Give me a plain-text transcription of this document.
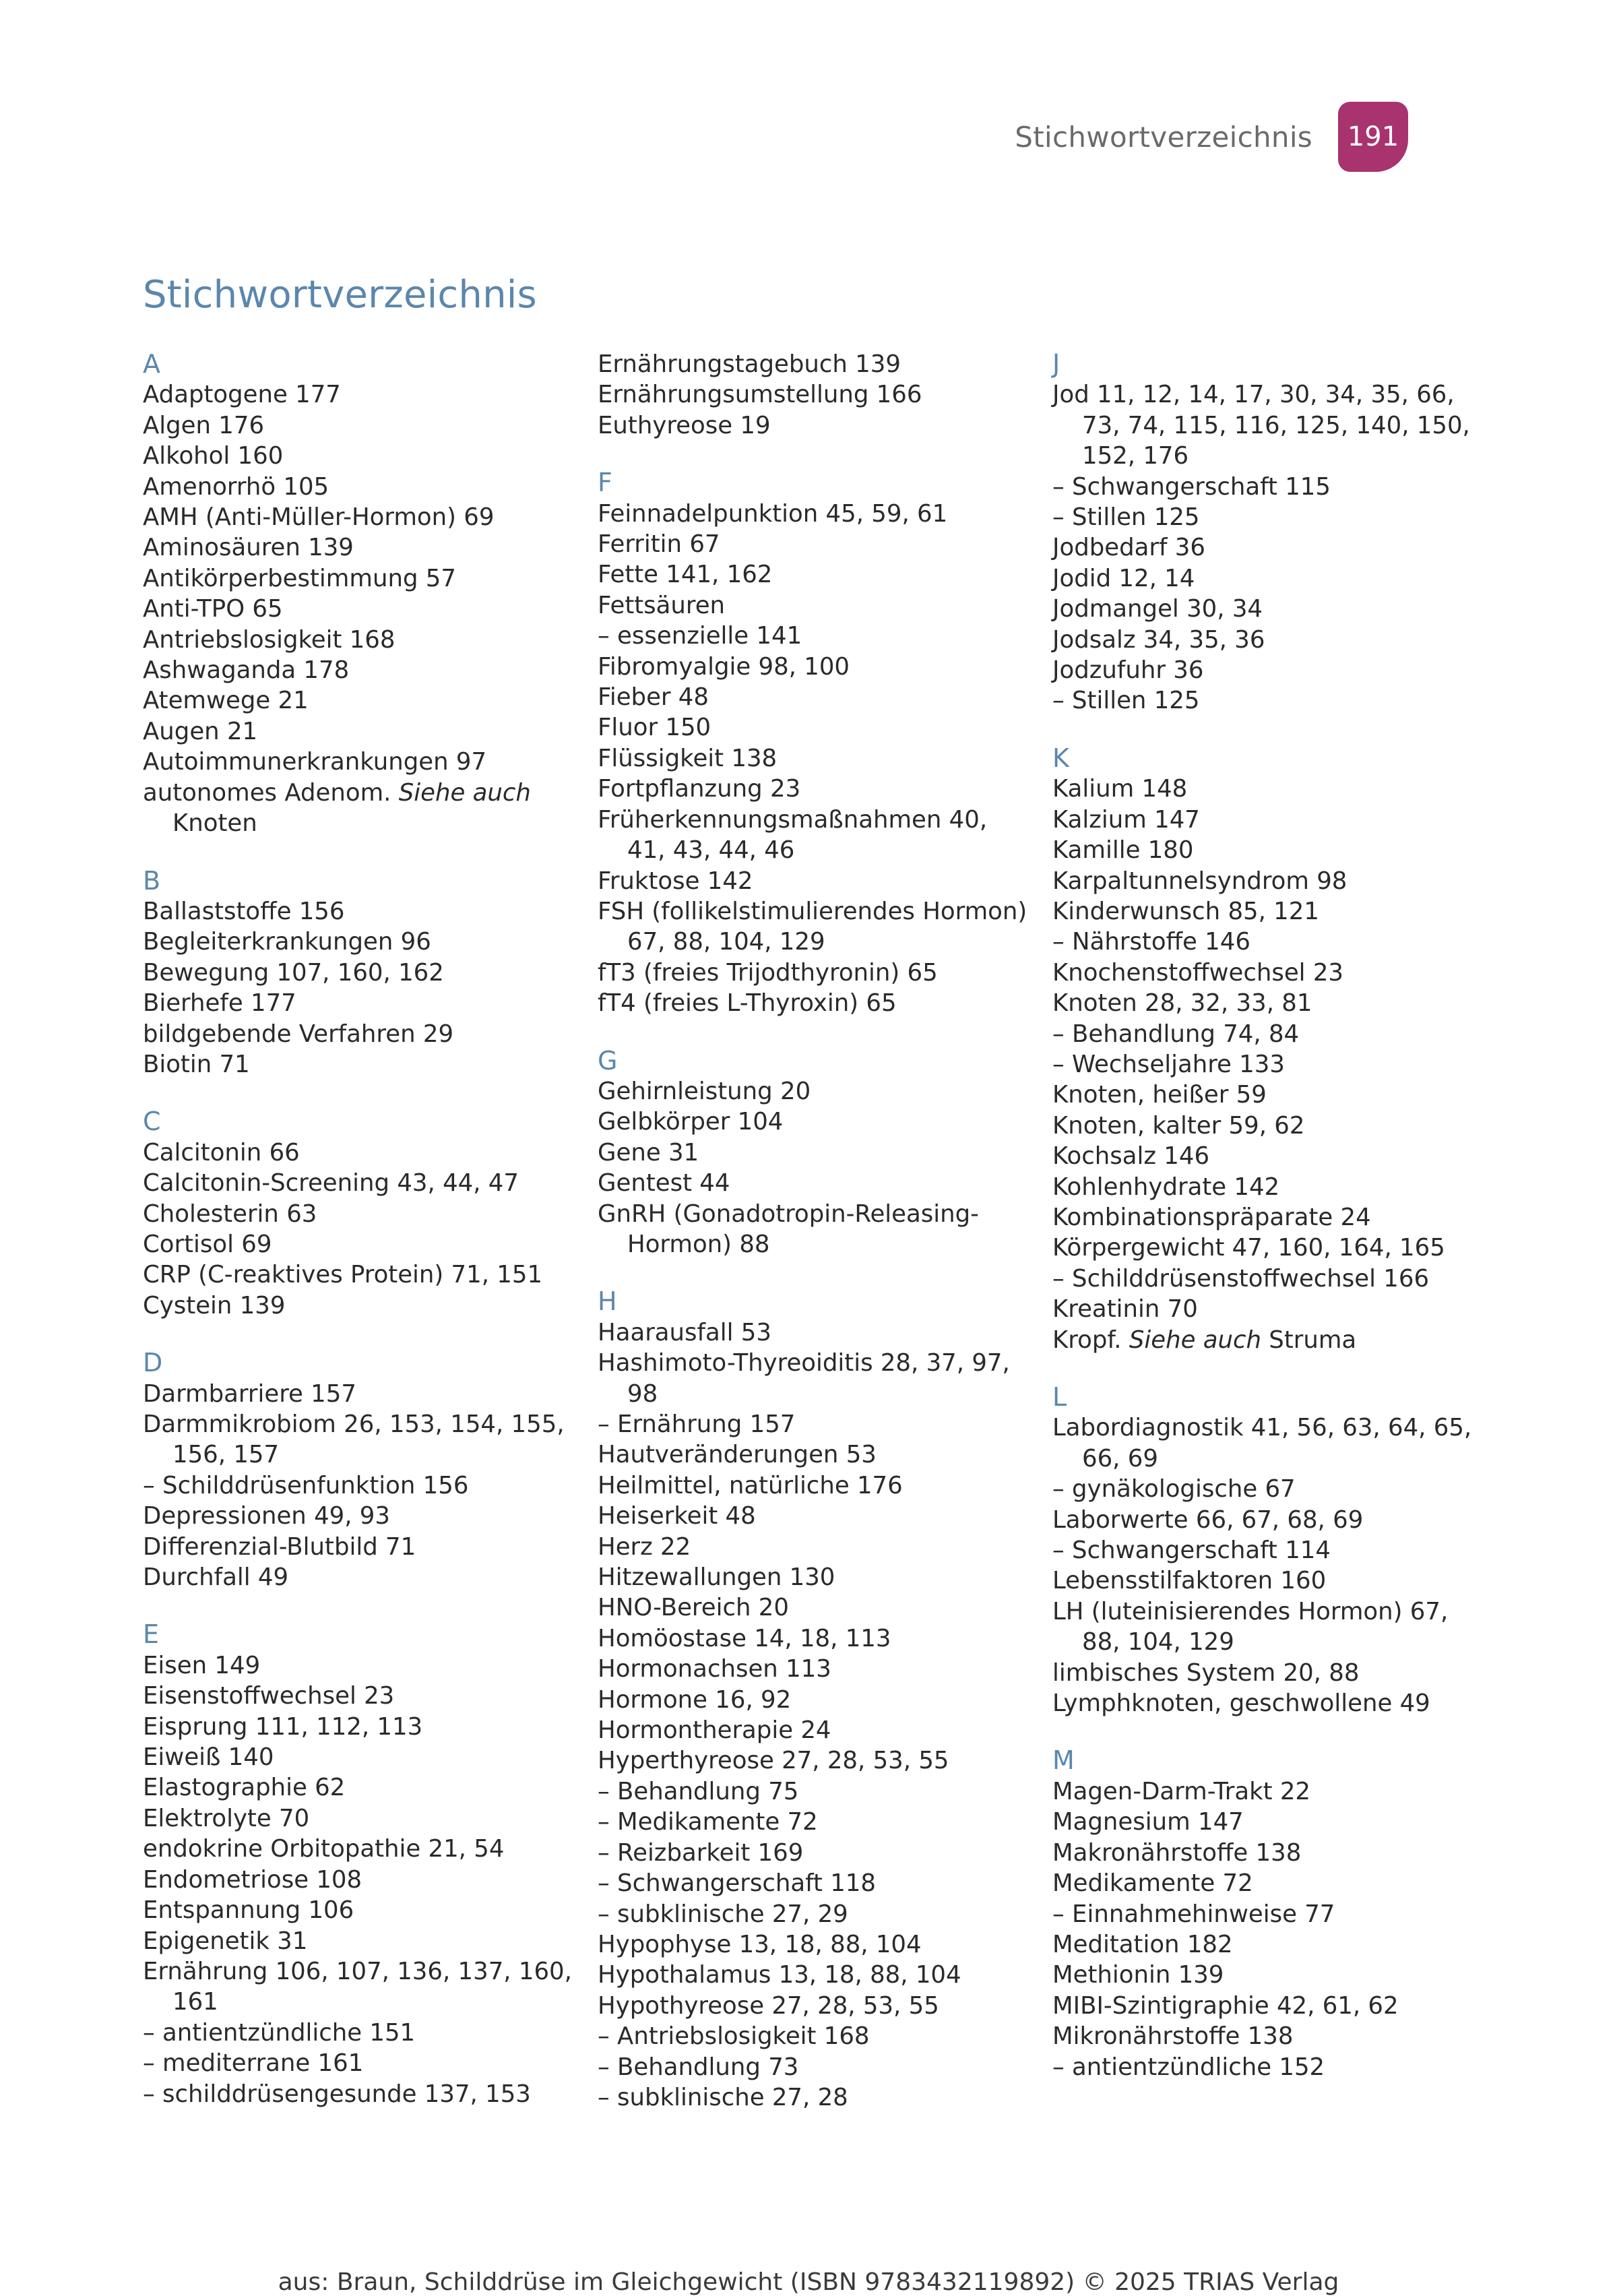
Stichwortverzeichnis	191
Stichwortverzeichnis
A
Adaptogene 177
Algen 176
Alkohol 160
Amenorrhö 105
AMH (Anti-Müller-Hormon) 69
Aminosäuren 139
Antikörperbestimmung 57
Anti-TPO 65
Antriebslosigkeit 168
Ashwaganda 178
Atemwege 21
Augen 21
Autoimmunerkrankungen 97
autonomes Adenom. Siehe auch Knoten
B
Ballaststoffe 156
Begleiterkrankungen 96
Bewegung 107, 160, 162
Bierhefe 177
bildgebende Verfahren 29
Biotin 71
C
Calcitonin 66
Calcitonin-Screening 43, 44, 47
Cholesterin 63
Cortisol 69
CRP (C-reaktives Protein) 71, 151
Cystein 139
D
Darmbarriere 157
Darmmikrobiom 26, 153, 154, 155, 156, 157
– Schilddrüsenfunktion 156
Depressionen 49, 93
Differenzial-Blutbild 71
Durchfall 49
E
Eisen 149
Eisenstoffwechsel 23
Eisprung 111, 112, 113
Eiweiß 140
Elastographie 62
Elektrolyte 70
endokrine Orbitopathie 21, 54
Endometriose 108
Entspannung 106
Epigenetik 31
Ernährung 106, 107, 136, 137, 160, 161
– antientzündliche 151
– mediterrane 161
– schilddrüsengesunde 137, 153
Ernährungstagebuch 139
Ernährungsumstellung 166
Euthyreose 19
F
Feinnadelpunktion 45, 59, 61
Ferritin 67
Fette 141, 162
Fettsäuren
– essenzielle 141
Fibromyalgie 98, 100
Fieber 48
Fluor 150
Flüssigkeit 138
Fortpflanzung 23
Früherkennungsmaßnahmen 40, 41, 43, 44, 46
Fruktose 142
FSH (follikelstimulierendes Hormon) 67, 88, 104, 129
fT3 (freies Trijodthyronin) 65
fT4 (freies L-Thyroxin) 65
G
Gehirnleistung 20
Gelbkörper 104
Gene 31
Gentest 44
GnRH (Gonadotropin-Releasing-Hormon) 88
H
Haarausfall 53
Hashimoto-Thyreoiditis 28, 37, 97, 98
– Ernährung 157
Hautveränderungen 53
Heilmittel, natürliche 176
Heiserkeit 48
Herz 22
Hitzewallungen 130
HNO-Bereich 20
Homöostase 14, 18, 113
Hormonachsen 113
Hormone 16, 92
Hormontherapie 24
Hyperthyreose 27, 28, 53, 55
– Behandlung 75
– Medikamente 72
– Reizbarkeit 169
– Schwangerschaft 118
– subklinische 27, 29
Hypophyse 13, 18, 88, 104
Hypothalamus 13, 18, 88, 104
Hypothyreose 27, 28, 53, 55
– Antriebslosigkeit 168
– Behandlung 73
– subklinische 27, 28
J
Jod 11, 12, 14, 17, 30, 34, 35, 66, 73, 74, 115, 116, 125, 140, 150, 152, 176
– Schwangerschaft 115
– Stillen 125
Jodbedarf 36
Jodid 12, 14
Jodmangel 30, 34
Jodsalz 34, 35, 36
Jodzufuhr 36
– Stillen 125
K
Kalium 148
Kalzium 147
Kamille 180
Karpaltunnelsyndrom 98
Kinderwunsch 85, 121
– Nährstoffe 146
Knochenstoffwechsel 23
Knoten 28, 32, 33, 81
– Behandlung 74, 84
– Wechseljahre 133
Knoten, heißer 59
Knoten, kalter 59, 62
Kochsalz 146
Kohlenhydrate 142
Kombinationspräparate 24
Körpergewicht 47, 160, 164, 165
– Schilddrüsenstoffwechsel 166
Kreatinin 70
Kropf. Siehe auch Struma
L
Labordiagnostik 41, 56, 63, 64, 65, 66, 69
– gynäkologische 67
Laborwerte 66, 67, 68, 69
– Schwangerschaft 114
Lebensstilfaktoren 160
LH (luteinisierendes Hormon) 67, 88, 104, 129
limbisches System 20, 88
Lymphknoten, geschwollene 49
M
Magen-Darm-Trakt 22
Magnesium 147
Makronährstoffe 138
Medikamente 72
– Einnahmehinweise 77
Meditation 182
Methionin 139
MIBI-Szintigraphie 42, 61, 62
Mikronährstoffe 138
– antientzündliche 152
aus: Braun, Schilddrüse im Gleichgewicht (ISBN 9783432119892) © 2025 TRIAS Verlag
